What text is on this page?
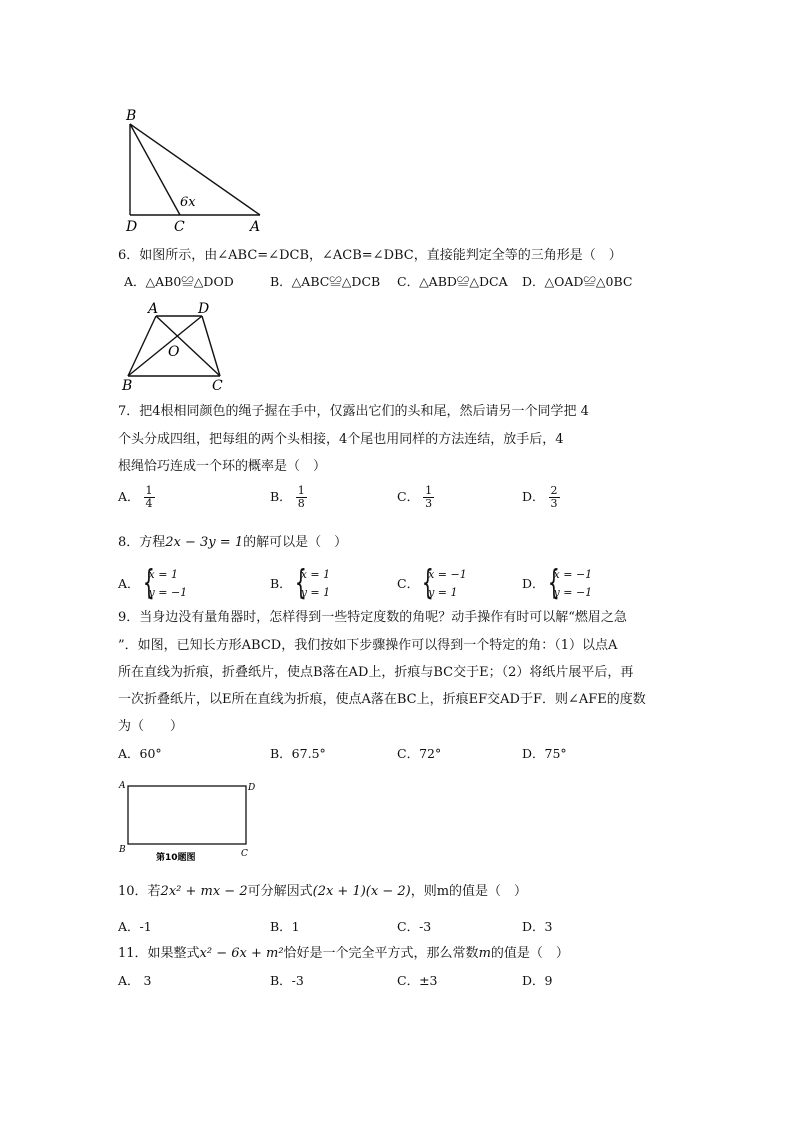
B
D	C	A
6x
6．如图所示，由∠ABC=∠DCB，∠ACB=∠DBC，直接能判定全等的三角形是（　）
A．△AB0≌△DOD	B．△ABC≌△DCB C．△ABD≌△DCA D．△OAD≌△0BC
A	D
O
B	C
7．把4根相同颜色的绳子握在手中，仅露出它们的头和尾，然后请另一个同学把 4
个头分成四组，把每组的两个头相接，4个尾也用同样的方法连结，放手后，4
根绳恰巧连成一个环的概率是（　）
A． $\frac{1}{4}$	B． $\frac{1}{8}$	C． $\frac{1}{3}$	D． $\frac{2}{3}$
8．方程2x − 3y = 1的解可以是（　）
A．
{ x = 1
y = −1
B．
{ x = 1
y = 1
C．
{ x = −1
y = 1
D．
{ x = −1
y = −1
9．当身边没有量角器时，怎样得到一些特定度数的角呢？动手操作有时可以解“燃眉之急
”．如图，已知长方形ABCD，我们按如下步骤操作可以得到一个特定的角：（1）以点A
所在直线为折痕，折叠纸片，使点B落在AD上，折痕与BC交于E；（2）将纸片展平后，再
一次折叠纸片，以E所在直线为折痕，使点A落在BC上，折痕EF交AD于F．则∠AFE的度数
为（　　）
A．60°	B．67.5°	C．72°	D．75°
A	D
B	C
第10题图
10．若2x² + mx − 2可分解因式(2x + 1)(x − 2)，则m的值是（　）
A．-1	B．1	C．-3	D．3
11．如果整式x² − 6x + m²恰好是一个完全平方式，那么常数m的值是（　）
A． 3	B．-3	C．±3	D．9
